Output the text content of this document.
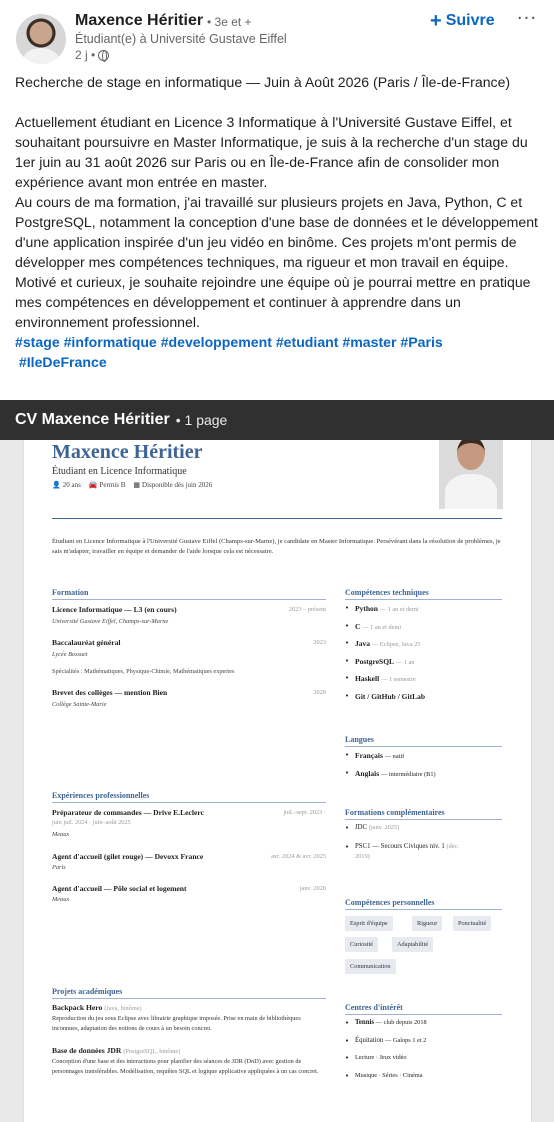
Maxence Héritier • 3e et +
Étudiant(e) à Université Gustave Eiffel
2 j •
+ Suivre ···

Recherche de stage en informatique — Juin à Août 2026 (Paris / Île-de-France)

Actuellement étudiant en Licence 3 Informatique à l'Université Gustave Eiffel, et souhaitant poursuivre en Master Informatique, je suis à la recherche d'un stage du 1er juin au 31 août 2026 sur Paris ou en Île-de-France afin de consolider mon expérience avant mon entrée en master.

Au cours de ma formation, j'ai travaillé sur plusieurs projets en Java, Python, C et PostgreSQL, notamment la conception d'une base de données et le développement d'une application inspirée d'un jeu vidéo en binôme. Ces projets m'ont permis de développer mes compétences techniques, ma rigueur et mon travail en équipe.

Motivé et curieux, je souhaite rejoindre une équipe où je pourrai mettre en pratique mes compétences en développement et continuer à apprendre dans un environnement professionnel.

#stage #informatique #developpement #etudiant #master #Paris
#IleDeFrance

CV Maxence Héritier • 1 page
Maxence Héritier
Étudiant en Licence Informatique
👤 20 ans 🚘 Permis B ▦ Disponible dès juin 2026
Étudiant en Licence Informatique à l'Université Gustave Eiffel (Champs-sur-Marne), je candidate en Master Informatique. Persévérant dans la résolution de problèmes, je sais m'adapter, travailler en équipe et demander de l'aide lorsque cela est nécessaire.
Formation
Licence Informatique — L3 (en cours)	2023 – présent
Université Gustave Eiffel, Champs-sur-Marne
Baccalauréat général	2023
Lycée Bossuet
Spécialités : Mathématiques, Physique-Chimie, Mathématiques expertes
Brevet des collèges — mention Bien	2020
Collège Sainte-Marie
Expériences professionnelles
Préparateur de commandes — Drive E.Leclerc	juil.–sept. 2023 ·
juin juil. 2024 · juin–août 2025
Meaux
Agent d'accueil (gilet rouge) — Devoxx France	avr. 2024 & avr. 2025
Paris
Agent d'accueil — Pôle social et logement	janv. 2020
Meaux
Projets académiques
Backpack Hero (Java, binôme)
Reproduction du jeu sous Eclipse avec librairie graphique imposée. Prise en main de bibliothèques inconnues, adaptation des notions de cours à un besoin concret.
Base de données JDR (PostgreSQL, binôme)
Conception d'une base et des interactions pour planifier des séances de JDR (DnD) avec gestion de personnages transférables. Modélisation, requêtes SQL et logique applicative appliquées à un cas concret.
Compétences techniques
• Python — 1 an et demi
• C — 1 an et demi
• Java — Eclipse, Java 25
• PostgreSQL — 1 an
• Haskell — 1 semestre
• Git / GitHub / GitLab
Langues
• Français — natif
• Anglais — intermédiaire (B1)
Formations complémentaires
• JDC (janv. 2025)
• PSC1 — Secours Civiques niv. 1 (déc.
2019)
Compétences personnelles
Esprit d'équipe	Rigueur	Ponctualité
Curiosité	Adaptabilité
Communication
Centres d'intérêt
• Tennis — club depuis 2018
• Équitation — Galops 1 et 2
• Lecture · Jeux vidéo
• Musique · Séries · Cinéma
